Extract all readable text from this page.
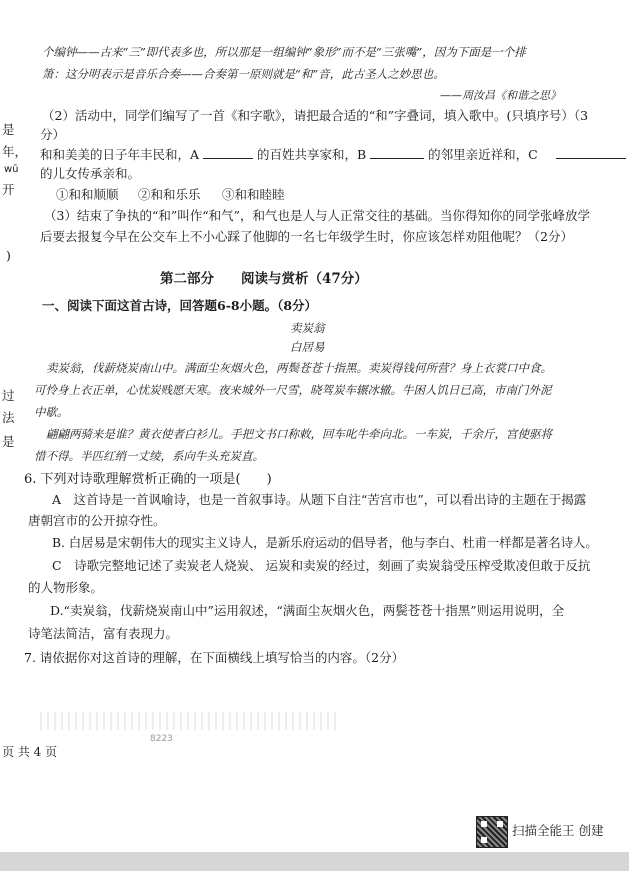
个编钟——古来“三”即代表多也，所以那是一组编钟“象形”而不是“三张嘴”，因为下面是一个排
箫：这分明表示是音乐合奏——合奏第一原则就是“和”音，此古圣人之妙思也。
——周汝昌《和谐之思》
是
年，
wū
开
)
过
法
是
（2）活动中，同学们编写了一首《和字歌》，请把最合适的“和”字叠词，填入歌中。(只填序号）（3
分）
和和美美的日子年丰民和，A	的百姓共享家和，B	的邻里亲近祥和，C
的儿女传承亲和。
①和和顺顺 ②和和乐乐 ③和和睦睦
（3）结束了争执的“和”叫作“和气”，和气也是人与人正常交往的基础。当你得知你的同学张峰放学
后要去报复今早在公交车上不小心踩了他脚的一名七年级学生时，你应该怎样劝阻他呢？（2分）
第二部分　　阅读与赏析（47分）
一、阅读下面这首古诗，回答题6-8小题。（8分）
卖炭翁
白居易
卖炭翁，伐薪烧炭南山中。满面尘灰烟火色，两鬓苍苍十指黑。卖炭得钱何所营？身上衣裳口中食。
可怜身上衣正单，心忧炭贱愿天寒。夜来城外一尺雪，晓驾炭车辗冰辙。牛困人饥日已高，市南门外泥
中歇。
翩翩两骑来是谁？黄衣使者白衫儿。手把文书口称敕，回车叱牛牵向北。一车炭，千余斤，宫使驱将
惜不得。半匹红绡一丈绫，系向牛头充炭直。
6. 下列对诗歌理解赏析正确的一项是(　　)
A　这首诗是一首讽喻诗，也是一首叙事诗。从题下自注“苦宫市也”，可以看出诗的主题在于揭露
唐朝宫市的公开掠夺性。
B. 白居易是宋朝伟大的现实主义诗人，是新乐府运动的倡导者，他与李白、杜甫一样都是著名诗人。
C　诗歌完整地记述了卖炭老人烧炭、 运炭和卖炭的经过，刻画了卖炭翁受压榨受欺凌但敢于反抗
的人物形象。
D.“卖炭翁，伐薪烧炭南山中”运用叙述，“满面尘灰烟火色，两鬓苍苍十指黑”则运用说明，全
诗笔法简洁，富有表现力。
7. 请依据你对这首诗的理解，在下面横线上填写恰当的内容。（2分）
8223
页 共 4 页
扫描全能王 创建
